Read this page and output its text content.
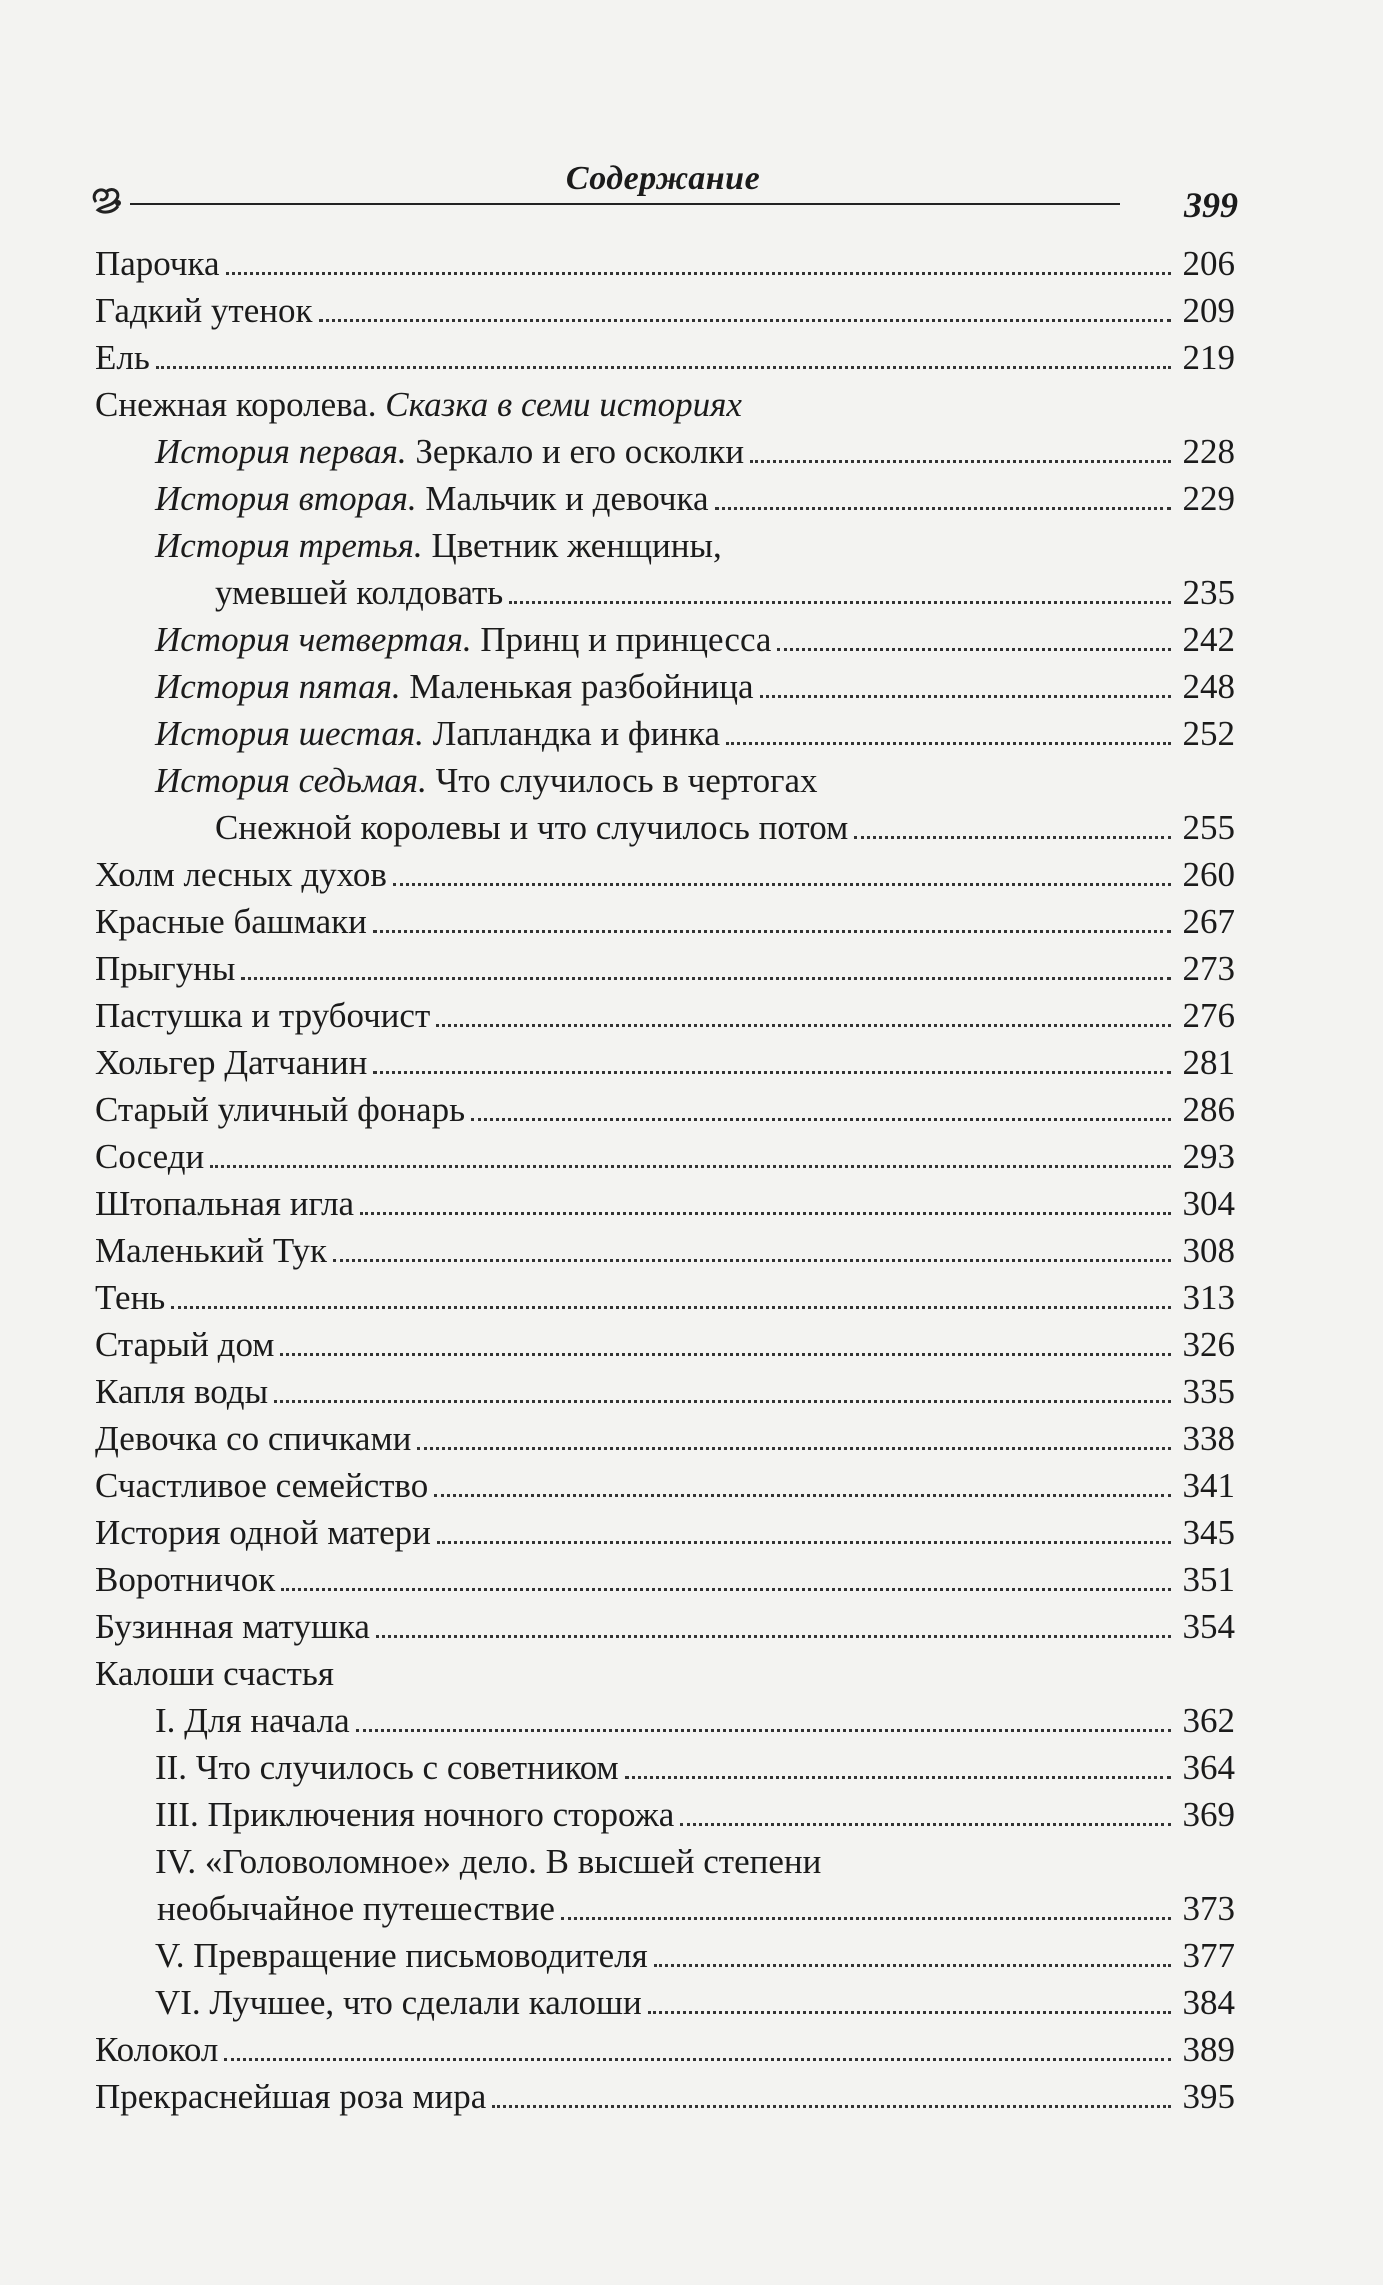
Содержание
399
Парочка	206
Гадкий утенок	209
Ель	219
Снежная королева. Сказка в семи историях
История первая. Зеркало и его осколки	228
История вторая. Мальчик и девочка	229
История третья. Цветник женщины,
умевшей колдовать	235
История четвертая. Принц и принцесса	242
История пятая. Маленькая разбойница	248
История шестая. Лапландка и финка	252
История седьмая. Что случилось в чертогах
Снежной королевы и что случилось потом	255
Холм лесных духов	260
Красные башмаки	267
Прыгуны	273
Пастушка и трубочист	276
Хольгер Датчанин	281
Старый уличный фонарь	286
Соседи	293
Штопальная игла	304
Маленький Тук	308
Тень	313
Старый дом	326
Капля воды	335
Девочка со спичками	338
Счастливое семейство	341
История одной матери	345
Воротничок	351
Бузинная матушка	354
Калоши счастья
I. Для начала	362
II. Что случилось с советником	364
III. Приключения ночного сторожа	369
IV. «Головоломное» дело. В высшей степени
необычайное путешествие	373
V. Превращение письмоводителя	377
VI. Лучшее, что сделали калоши	384
Колокол	389
Прекраснейшая роза мира	395
